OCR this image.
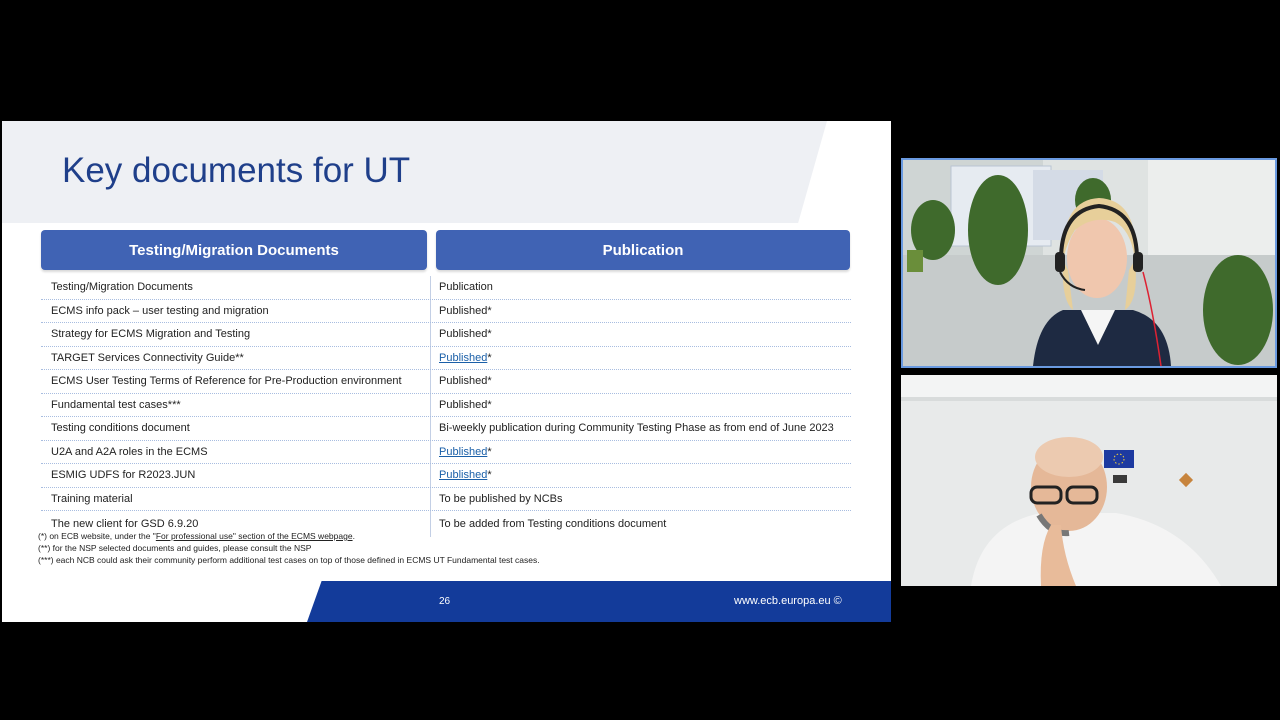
Key documents for UT
Testing/Migration Documents	Publication
Testing/Migration Documents	Publication
ECMS info pack – user testing and migration	Published*
Strategy for ECMS Migration and Testing	Published*
TARGET Services Connectivity Guide**	Published *
ECMS User Testing Terms of Reference for Pre-Production environment	Published*
Fundamental test cases***	Published*
Testing conditions document	Bi-weekly publication during Community Testing Phase as from end of June 2023
U2A and A2A roles in the ECMS	Published *
ESMIG UDFS for R2023.JUN	Published *
Training material	To be published by NCBs
The new client for GSD 6.9.20	To be added from Testing conditions document
(*) on ECB website, under the "For professional use" section of the ECMS webpage.
(**) for the NSP selected documents and guides, please consult the NSP
(***) each NCB could ask their community perform additional test cases on top of those defined in ECMS UT Fundamental test cases.
26	www.ecb.europa.eu ©
